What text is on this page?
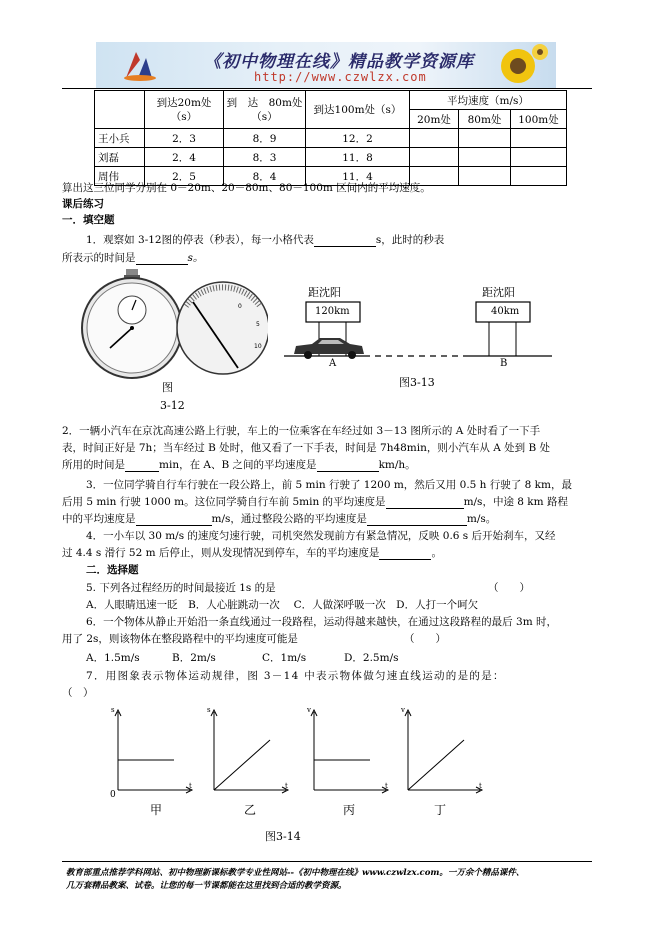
《初中物理在线》精品教学资源库
http://www.czwlzx.com
	到达20m处（s）	到　达　80m处（s）	到达100m处（s）	平均速度（m/s）		
				20m处	80m处	100m处
王小兵	2．3	8．9	12．2			
刘磊	2．4	8．3	11．8			
周伟	2．5	8．4	11．4			
算出这三位同学分别在 0－20m、20－80m、80－100m 区间内的平均速度。
课后练习
一．填空题
1．观察如 3-12图的停表（秒表），每一小格代表	s，此时的秒表
所表示的时间是	s。
0
5
10
图
3-12
距沈阳
120km
距沈阳
40km
A	B
图3-13
2．一辆小汽车在京沈高速公路上行驶，车上的一位乘客在车经过如 3－13 图所示的 A 处时看了一下手
表，时间正好是 7h；当车经过 B 处时，他又看了一下手表，时间是 7h48min，则小汽车从 A 处到 B 处
所用的时间是	min，在 A、B 之间的平均速度是	km/h。
3．一位同学骑自行车行驶在一段公路上，前 5 min 行驶了 1200 m，然后又用 0.5 h 行驶了 8 km，最
后用 5 min 行驶 1000 m。这位同学骑自行车前 5min 的平均速度是	m/s，中途 8 km 路程
中的平均速度是	m/s，通过整段公路的平均速度是	m/s。
4．一小车以 30 m/s 的速度匀速行驶，司机突然发现前方有紧急情况，反映 0.6 s 后开始刹车，又经
过 4.4 s 滑行 52 m 后停止，则从发现情况到停车，车的平均速度是	。
二．选择题
5. 下列各过程经历的时间最接近 1s 的是	（　　）
A．人眼睛迅速一眨　B．人心脏跳动一次　 C．人做深呼吸一次　D．人打一个呵欠
6．一个物体从静止开始沿一条直线通过一段路程，运动得越来越快，在通过这段路程的最后 3m 时，
用了 2s，则该物体在整段路程中的平均速度可能是	（　　）
A．1.5m/s	B．2m/s	C．1m/s	D．2.5m/s
7．用图象表示物体运动规律，图 3－14 中表示物体做匀速直线运动的是的是：
（　）
s
t
0
甲
s
t
乙
v
t
丙
v
t
丁
图3-14
教育部重点推荐学科网站、初中物理新课标教学专业性网站--《初中物理在线》www.czwlzx.com。一万余个精品课件、
几万套精品教案、试卷。让您的每一节课都能在这里找到合适的教学资源。
